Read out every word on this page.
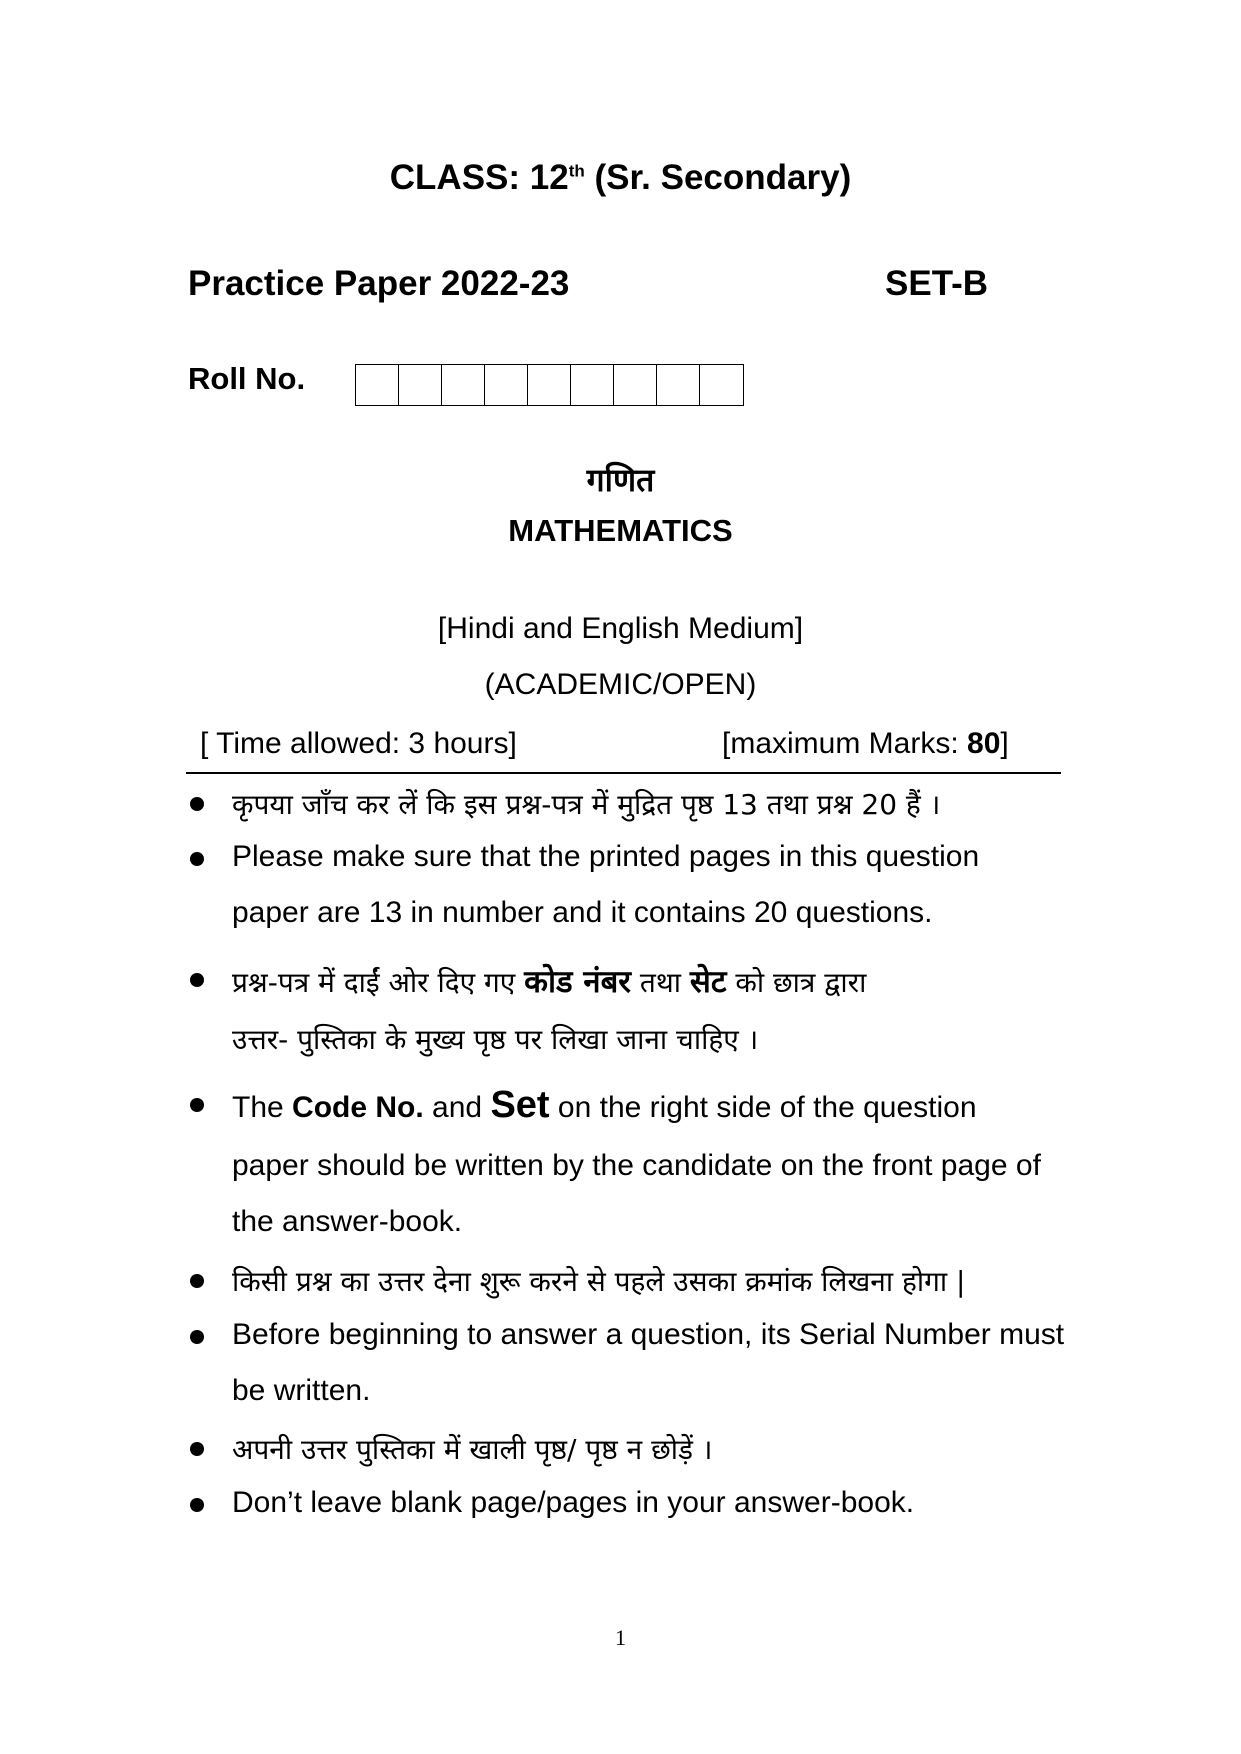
CLASS: 12th (Sr. Secondary)
Practice Paper 2022-23	SET-B
Roll No.
गणित
MATHEMATICS
[Hindi and English Medium]
(ACADEMIC/OPEN)
[ Time allowed: 3 hours]	[maximum Marks: 80]
कृपया जाँच कर लें कि इस प्रश्न-पत्र में मुद्रित पृष्ठ 13 तथा प्रश्न 20 हैं ।
Please make sure that the printed pages in this question
paper are 13 in number and it contains 20 questions.
प्रश्न-पत्र में दाईं ओर दिए गए कोड नंबर तथा सेट को छात्र द्वारा
उत्तर- पुस्तिका के मुख्य पृष्ठ पर लिखा जाना चाहिए ।
The Code No. and Set on the right side of the question
paper should be written by the candidate on the front page of
the answer-book.
किसी प्रश्न का उत्तर देना शुरू करने से पहले उसका क्रमांक लिखना होगा |
Before beginning to answer a question, its Serial Number must
be written.
अपनी उत्तर पुस्तिका में खाली पृष्ठ/ पृष्ठ न छोड़ें ।
Don’t leave blank page/pages in your answer-book.
1
